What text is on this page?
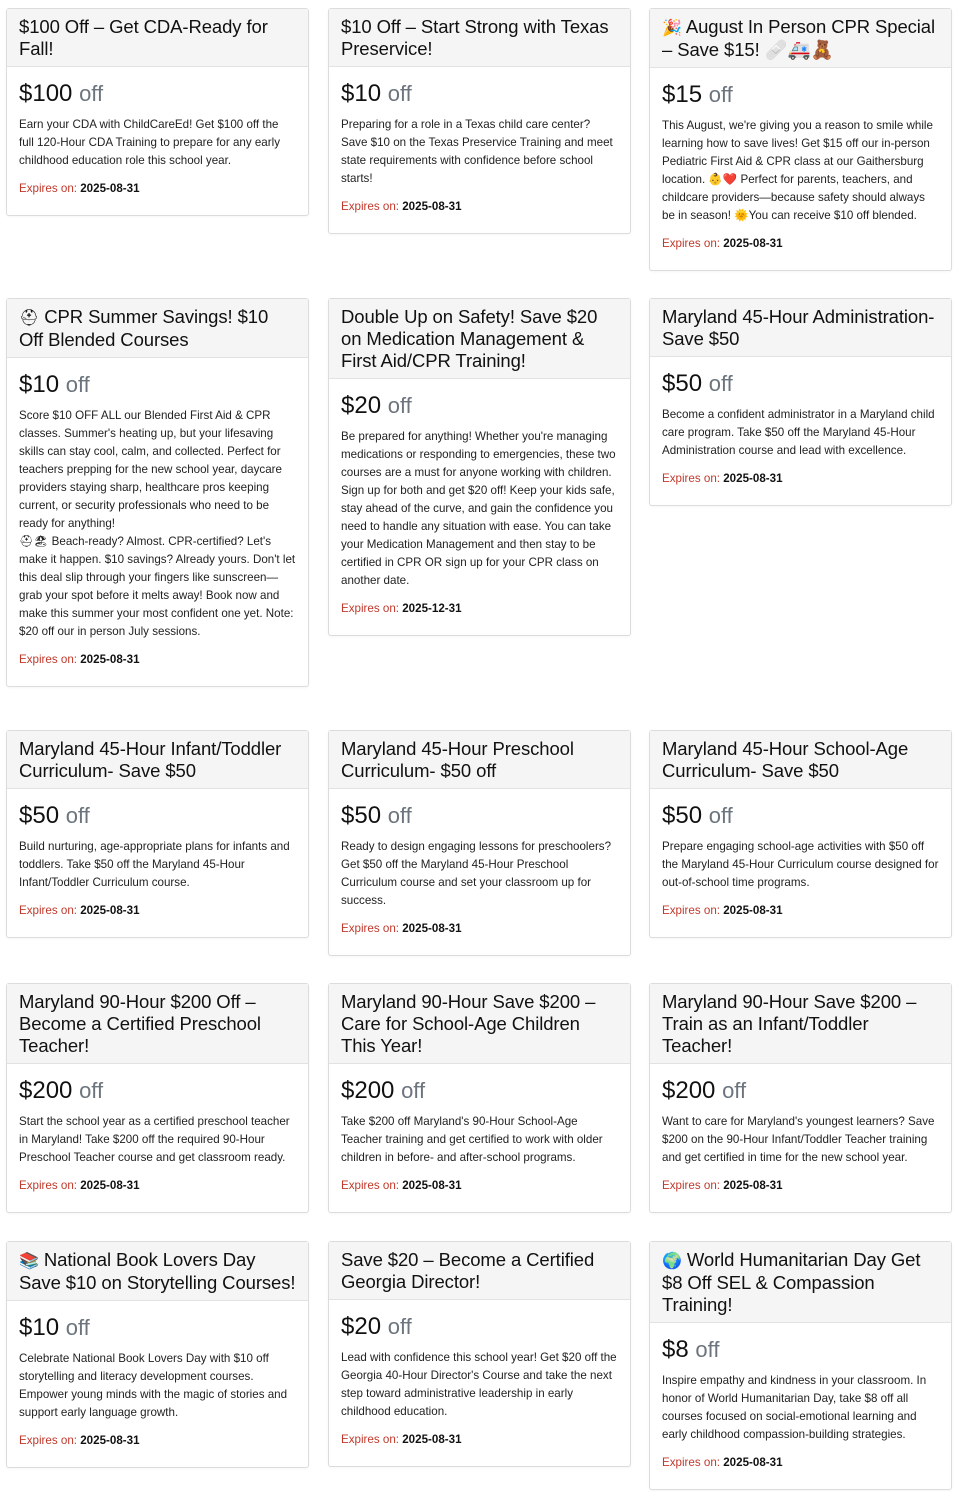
$100 Off – Get CDA-Ready for Fall!
$100 off
Earn your CDA with ChildCareEd! Get $100 off the full 120-Hour CDA Training to prepare for any early childhood education role this school year.
Expires on: 2025-08-31
$10 Off – Start Strong with Texas Preservice!
$10 off
Preparing for a role in a Texas child care center? Save $10 on the Texas Preservice Training and meet state requirements with confidence before school starts!
Expires on: 2025-08-31
🎉 August In Person CPR Special – Save $15! 🩹🚑🧸
$15 off
This August, we're giving you a reason to smile while learning how to save lives! Get $15 off our in-person Pediatric First Aid & CPR class at our Gaithersburg location. 👶❤️ Perfect for parents, teachers, and childcare providers—because safety should always be in season! 🌞You can receive $10 off blended.
Expires on: 2025-08-31
⛑ CPR Summer Savings! $10 Off Blended Courses
$10 off
Score $10 OFF ALL our Blended First Aid & CPR classes. Summer's heating up, but your lifesaving skills can stay cool, calm, and collected. Perfect for teachers prepping for the new school year, daycare providers staying sharp, healthcare pros keeping current, or security professionals who need to be ready for anything!
⛑🏖 Beach-ready? Almost. CPR-certified? Let's make it happen. $10 savings? Already yours. Don't let this deal slip through your fingers like sunscreen—grab your spot before it melts away! Book now and make this summer your most confident one yet. Note: $20 off our in person July sessions.
Expires on: 2025-08-31
Double Up on Safety! Save $20 on Medication Management & First Aid/CPR Training!
$20 off
Be prepared for anything! Whether you're managing medications or responding to emergencies, these two courses are a must for anyone working with children. Sign up for both and get $20 off! Keep your kids safe, stay ahead of the curve, and gain the confidence you need to handle any situation with ease. You can take your Medication Management and then stay to be certified in CPR OR sign up for your CPR class on another date.
Expires on: 2025-12-31
Maryland 45-Hour Administration- Save $50
$50 off
Become a confident administrator in a Maryland child care program. Take $50 off the Maryland 45-Hour Administration course and lead with excellence.
Expires on: 2025-08-31
Maryland 45-Hour Infant/Toddler Curriculum- Save $50
$50 off
Build nurturing, age-appropriate plans for infants and toddlers. Take $50 off the Maryland 45-Hour Infant/Toddler Curriculum course.
Expires on: 2025-08-31
Maryland 45-Hour Preschool Curriculum- $50 off
$50 off
Ready to design engaging lessons for preschoolers? Get $50 off the Maryland 45-Hour Preschool Curriculum course and set your classroom up for success.
Expires on: 2025-08-31
Maryland 45-Hour School-Age Curriculum- Save $50
$50 off
Prepare engaging school-age activities with $50 off the Maryland 45-Hour Curriculum course designed for out-of-school time programs.
Expires on: 2025-08-31
Maryland 90-Hour $200 Off – Become a Certified Preschool Teacher!
$200 off
Start the school year as a certified preschool teacher in Maryland! Take $200 off the required 90-Hour Preschool Teacher course and get classroom ready.
Expires on: 2025-08-31
Maryland 90-Hour Save $200 – Care for School-Age Children This Year!
$200 off
Take $200 off Maryland's 90-Hour School-Age Teacher training and get certified to work with older children in before- and after-school programs.
Expires on: 2025-08-31
Maryland 90-Hour Save $200 – Train as an Infant/Toddler Teacher!
$200 off
Want to care for Maryland's youngest learners? Save $200 on the 90-Hour Infant/Toddler Teacher training and get certified in time for the new school year.
Expires on: 2025-08-31
📚 National Book Lovers Day Save $10 on Storytelling Courses!
$10 off
Celebrate National Book Lovers Day with $10 off storytelling and literacy development courses. Empower young minds with the magic of stories and support early language growth.
Expires on: 2025-08-31
Save $20 – Become a Certified Georgia Director!
$20 off
Lead with confidence this school year! Get $20 off the Georgia 40-Hour Director's Course and take the next step toward administrative leadership in early childhood education.
Expires on: 2025-08-31
🌍 World Humanitarian Day Get $8 Off SEL & Compassion Training!
$8 off
Inspire empathy and kindness in your classroom. In honor of World Humanitarian Day, take $8 off all courses focused on social-emotional learning and early childhood compassion-building strategies.
Expires on: 2025-08-31
